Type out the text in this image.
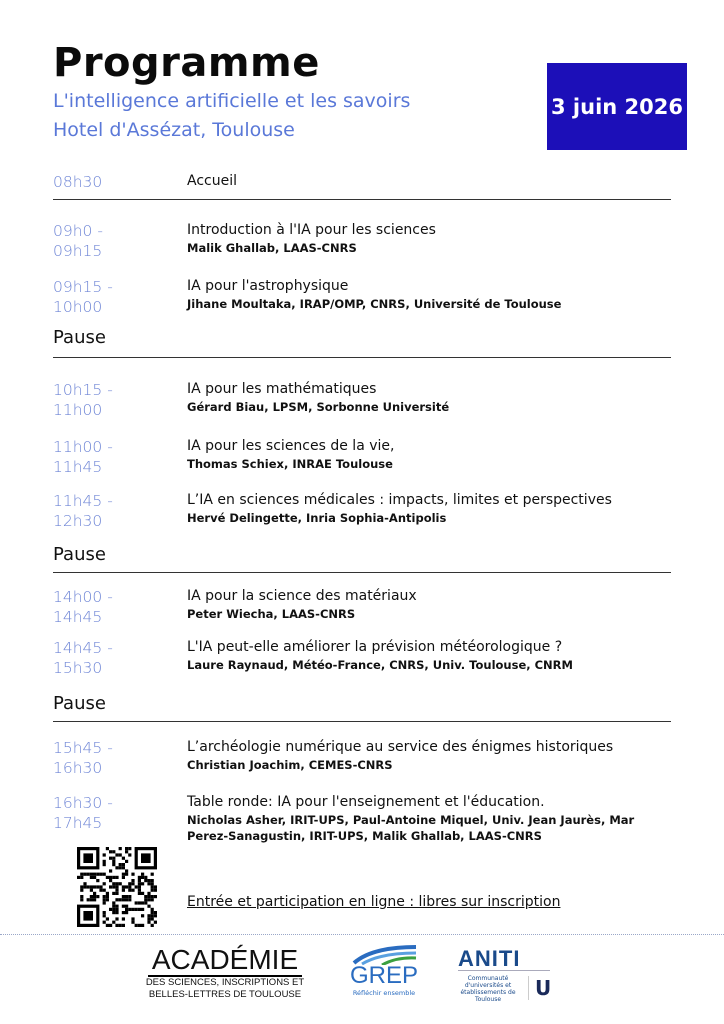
Programme
L'intelligence artificielle et les savoirs
Hotel d'Assézat, Toulouse
3 juin 2026
08h30	Accueil
09h0 -
09h15
Introduction à l'IA pour les sciences
Malik Ghallab, LAAS-CNRS
09h15 -
10h00
IA pour l'astrophysique
Jihane Moultaka, IRAP/OMP, CNRS, Université de Toulouse
10h15 -
11h00
IA pour les mathématiques
Gérard Biau, LPSM, Sorbonne Université
11h00 -
11h45
IA pour les sciences de la vie,
Thomas Schiex, INRAE Toulouse
11h45 -
12h30
L’IA en sciences médicales : impacts, limites et perspectives
Hervé Delingette, Inria Sophia-Antipolis
14h00 -
14h45
IA pour la science des matériaux
Peter Wiecha, LAAS-CNRS
14h45 -
15h30
L'IA peut-elle améliorer la prévision météorologique ?
Laure Raynaud, Météo-France, CNRS, Univ. Toulouse, CNRM
15h45 -
16h30
L’archéologie numérique au service des énigmes historiques
Christian Joachim, CEMES-CNRS
16h30 -
17h45
Table ronde: IA pour l'enseignement et l'éducation.
Nicholas Asher, IRIT-UPS, Paul-Antoine Miquel, Univ. Jean Jaurès, Mar Perez-Sanagustin, IRIT-UPS, Malik Ghallab, LAAS-CNRS
Pause
Pause
Pause
Entrée et participation en ligne : libres sur inscription
ACADÉMIE
DES SCIENCES, INSCRIPTIONS ET
BELLES-LETTRES DE TOULOUSE
GREP
Réfléchir ensemble
ANITI
Communauté d'universités et établissements de Toulouse	U
